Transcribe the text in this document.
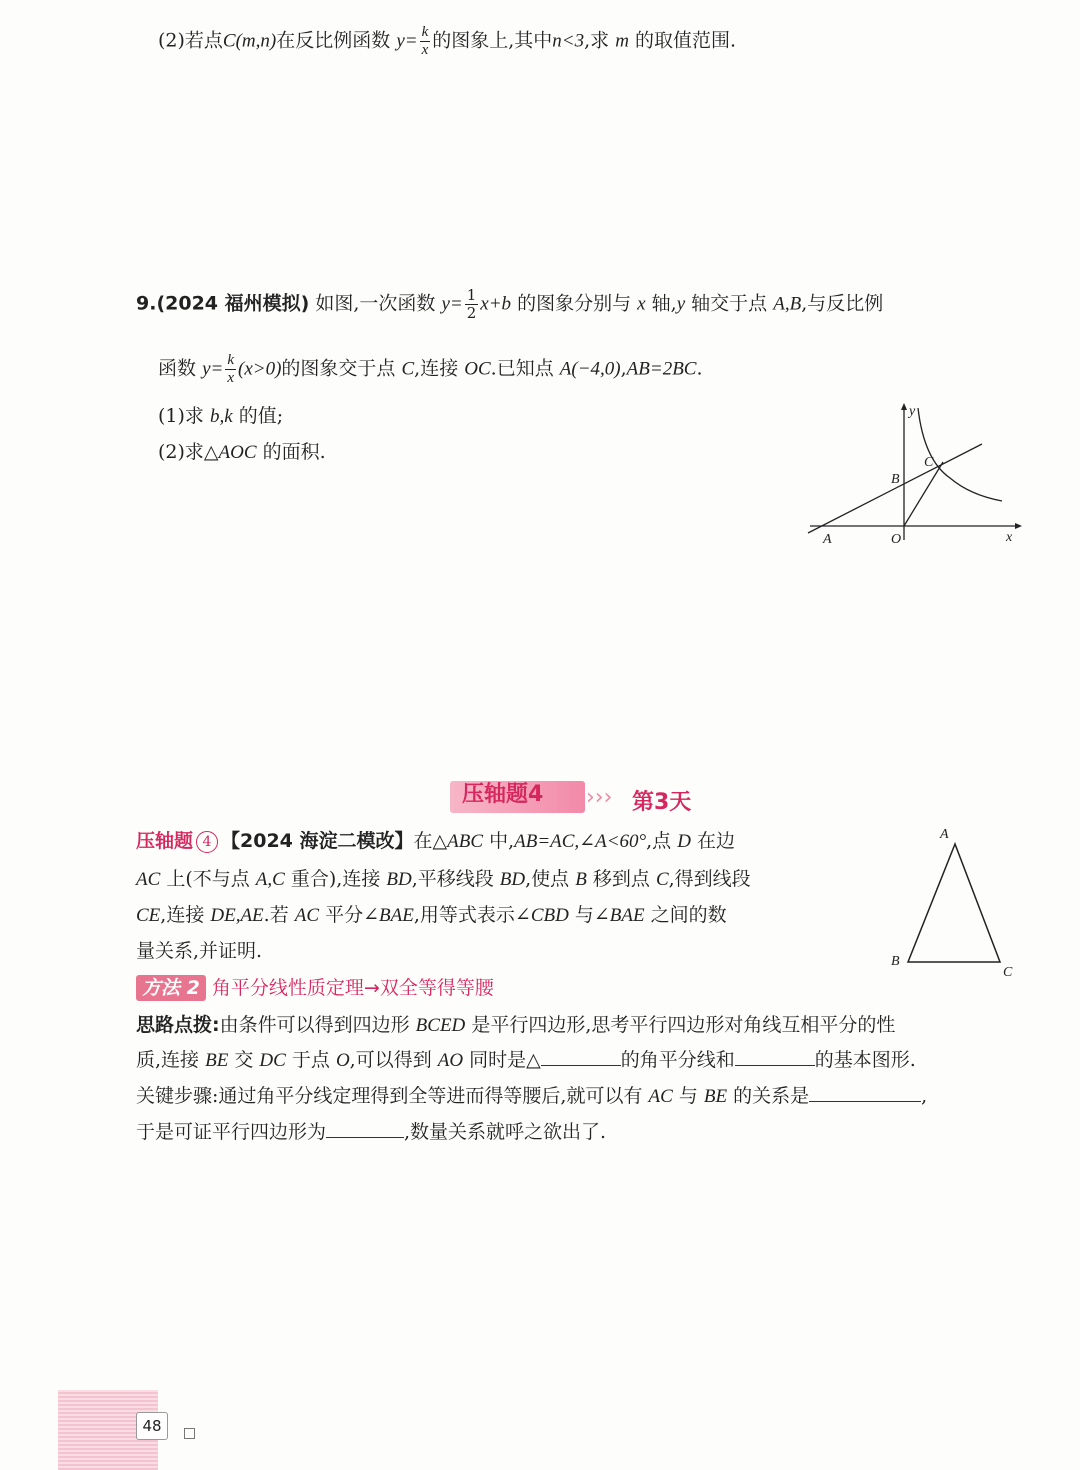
(2)若点C(m,n)在反比例函数 $y= \frac{k}{x}$ 的图象上,其中n<3,求 m 的取值范围.
9.(2024 福州模拟) 如图,一次函数 $y= \frac{1}{2} x+b$ 的图象分别与 x 轴,y 轴交于点 A,B,与反比例
函数 $y= \frac{k}{x} (x>0)$的图象交于点 C,连接 OC.已知点 A(−4,0),AB=2BC.
(1)求 b,k 的值;
(2)求△AOC 的面积.
y
x
A	O
B
C
压轴题4 ››› 第3天
压轴题 4 【2024 海淀二模改】在△ABC 中,AB=AC,∠A<60°,点 D 在边
AC 上(不与点 A,C 重合),连接 BD,平移线段 BD,使点 B 移到点 C,得到线段
CE,连接 DE,AE.若 AC 平分∠BAE,用等式表示∠CBD 与∠BAE 之间的数
量关系,并证明.
A
B
C
方法 2 角平分线性质定理→双全等得等腰
思路点拨:由条件可以得到四边形 BCED 是平行四边形,思考平行四边形对角线互相平分的性
质,连接 BE 交 DC 于点 O,可以得到 AO 同时是△	的角平分线和	的基本图形.
关键步骤:通过角平分线定理得到全等进而得等腰后,就可以有 AC 与 BE 的关系是	,
于是可证平行四边形为	,数量关系就呼之欲出了.
48
